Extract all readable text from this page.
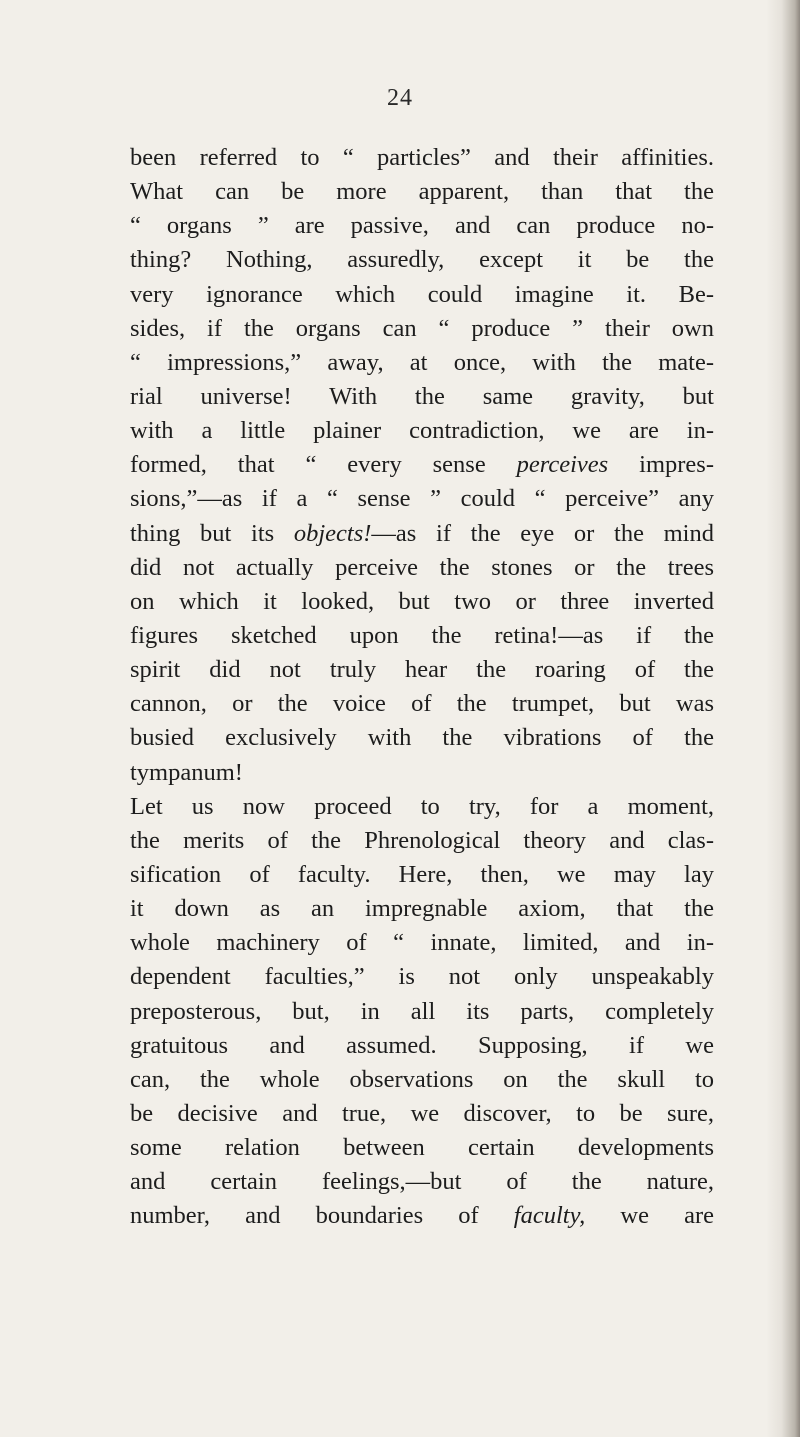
24
been referred to “ particles” and their affinities.
What can be more apparent, than that the
“ organs ” are passive, and can produce no-
thing? Nothing, assuredly, except it be the
very ignorance which could imagine it. Be-
sides, if the organs can “ produce ” their own
“ impressions,” away, at once, with the mate-
rial universe! With the same gravity, but
with a little plainer contradiction, we are in-
formed, that “ every sense perceives impres-
sions,”—as if a “ sense ” could “ perceive” any
thing but its objects!—as if the eye or the mind
did not actually perceive the stones or the trees
on which it looked, but two or three inverted
figures sketched upon the retina!—as if the
spirit did not truly hear the roaring of the
cannon, or the voice of the trumpet, but was
busied exclusively with the vibrations of the
tympanum!
Let us now proceed to try, for a moment,
the merits of the Phrenological theory and clas-
sification of faculty. Here, then, we may lay
it down as an impregnable axiom, that the
whole machinery of “ innate, limited, and in-
dependent faculties,” is not only unspeakably
preposterous, but, in all its parts, completely
gratuitous and assumed. Supposing, if we
can, the whole observations on the skull to
be decisive and true, we discover, to be sure,
some relation between certain developments
and certain feelings,—but of the nature,
number, and boundaries of faculty, we are
